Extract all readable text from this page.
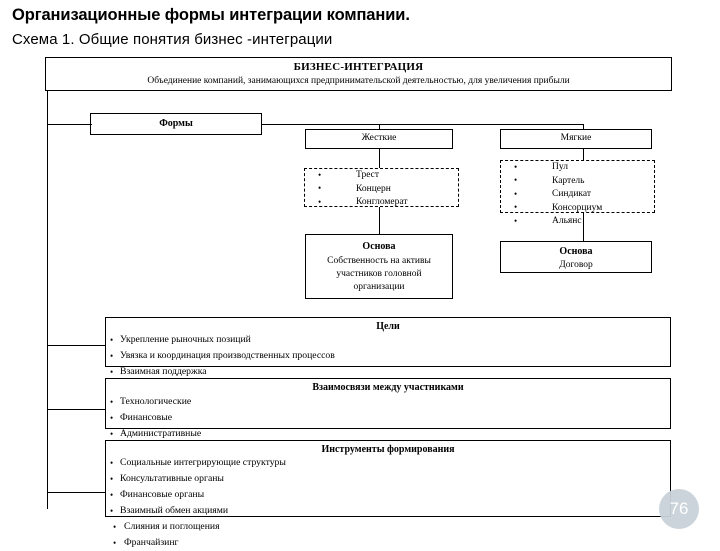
Организационные формы интеграции компании.
Схема 1. Общие понятия бизнес -интеграции
БИЗНЕС-ИНТЕГРАЦИЯ
Объединение компаний, занимающихся предпринимательской деятельностью, для увеличения прибыли
Формы
Жесткие
• Трест
• Концерн
• Конгломерат
Основа
Собственность на активы
участников головной
организации
Мягкие
• Пул
• Картель
• Синдикат
• Консорциум
• Альянс
Основа
Договор
Цели
• Укрепление рыночных позиций
• Увязка и координация производственных процессов
• Взаимная поддержка
Взаимосвязи между участниками
• Технологические
• Финансовые
• Административные
Инструменты формирования
• Социальные интегрирующие структуры
• Консультативные органы
• Финансовые органы
• Взаимный обмен акциями
• Слияния и поглощения
• Франчайзинг
76
